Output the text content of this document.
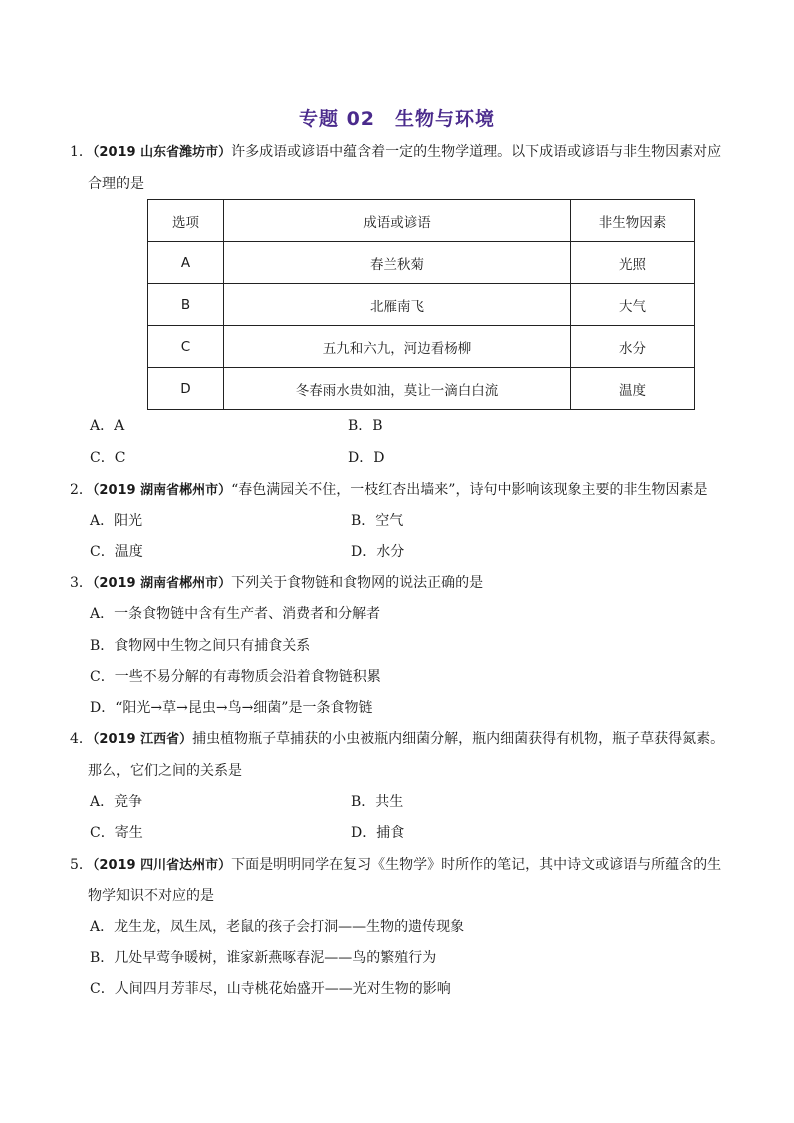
专题 02　生物与环境
1．（2019 山东省潍坊市）许多成语或谚语中蕴含着一定的生物学道理。以下成语或谚语与非生物因素对应
合理的是
选项	成语或谚语	非生物因素
A	春兰秋菊	光照
B	北雁南飞	大气
C	五九和六九，河边看杨柳	水分
D	冬春雨水贵如油，莫让一滴白白流	温度
A．A	B．B
C．C	D．D
2．（2019 湖南省郴州市）“春色满园关不住，一枝红杏出墙来”，诗句中影响该现象主要的非生物因素是
A．阳光	B．空气
C．温度	D．水分
3．（2019 湖南省郴州市）下列关于食物链和食物网的说法正确的是
A．一条食物链中含有生产者、消费者和分解者
B．食物网中生物之间只有捕食关系
C．一些不易分解的有毒物质会沿着食物链积累
D．“阳光→草→昆虫→鸟→细菌”是一条食物链
4．（2019 江西省）捕虫植物瓶子草捕获的小虫被瓶内细菌分解，瓶内细菌获得有机物，瓶子草获得氮素。
那么，它们之间的关系是
A．竞争	B．共生
C．寄生	D．捕食
5．（2019 四川省达州市）下面是明明同学在复习《生物学》时所作的笔记，其中诗文或谚语与所蕴含的生
物学知识不对应的是
A．龙生龙，凤生凤，老鼠的孩子会打洞——生物的遗传现象
B．几处早莺争暖树，谁家新燕啄春泥——鸟的繁殖行为
C．人间四月芳菲尽，山寺桃花始盛开——光对生物的影响
